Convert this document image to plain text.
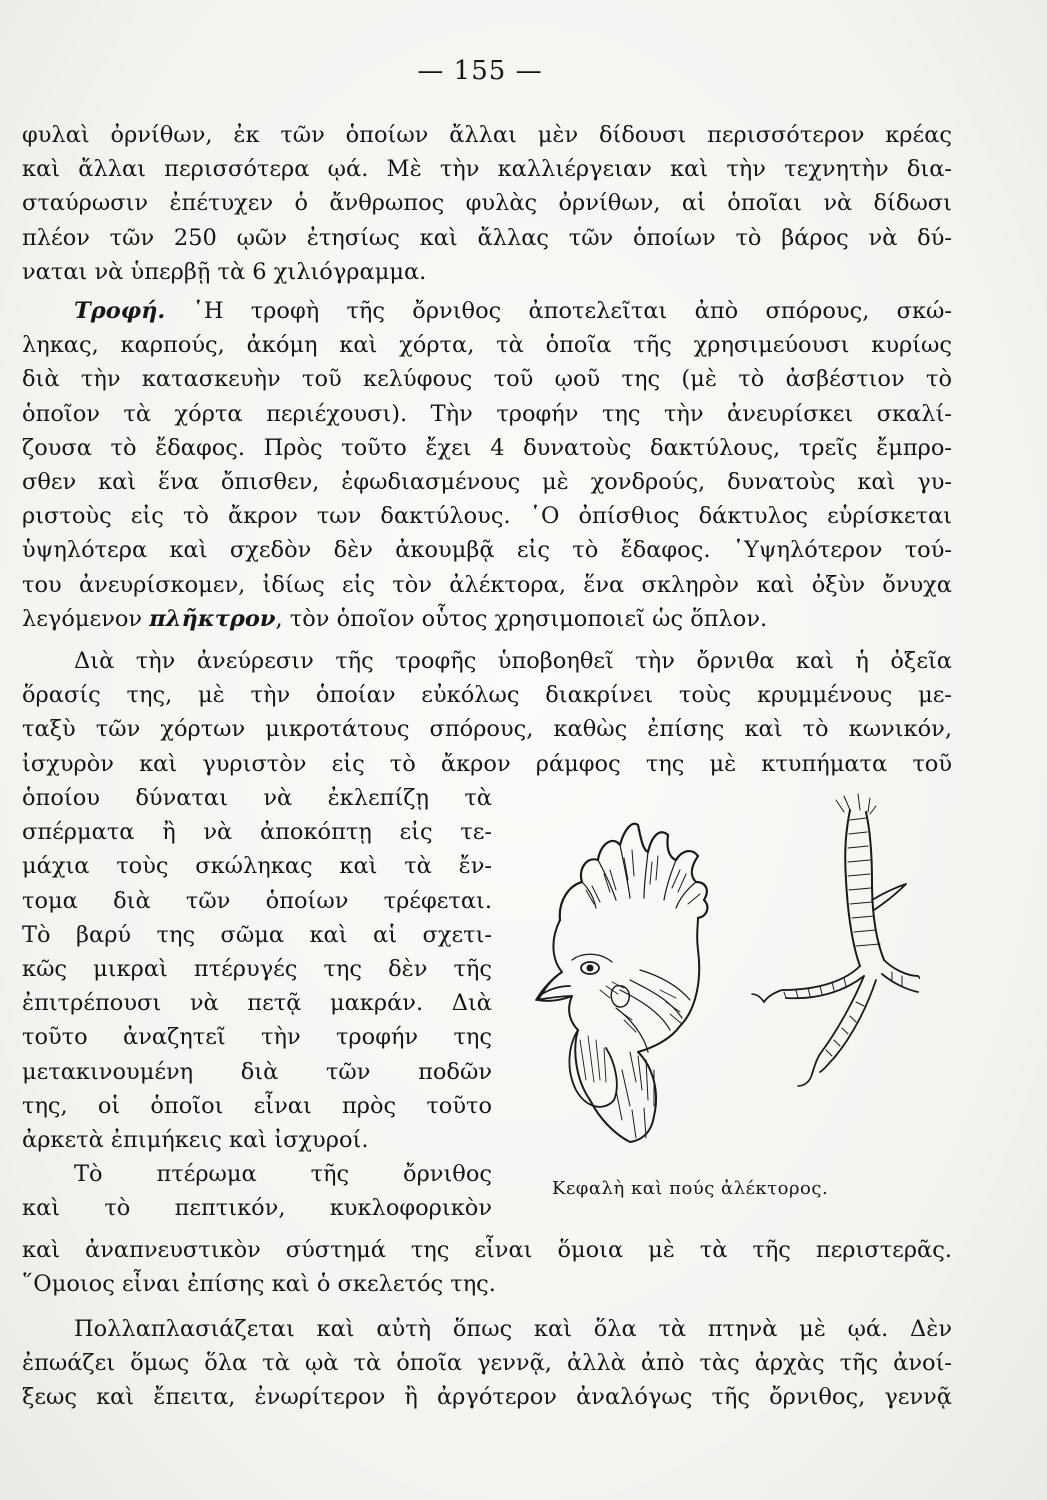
— 155 —
φυλαὶ ὀρνίθων, ἐκ τῶν ὁποίων ἄλλαι μὲν δίδουσι περισσότερον κρέας
καὶ ἄλλαι περισσότερα ῳά. Μὲ τὴν καλλιέργειαν καὶ τὴν τεχνητὴν δια-
σταύρωσιν ἐπέτυχεν ὁ ἄνθρωπος φυλὰς ὀρνίθων, αἱ ὁποῖαι νὰ δίδωσι
πλέον τῶν 250 ῳῶν ἐτησίως καὶ ἄλλας τῶν ὁποίων τὸ βάρος νὰ δύ-
ναται νὰ ὑπερβῇ τὰ 6 χιλιόγραμμα.
Τροφή. ῾Η τροφὴ τῆς ὄρνιθος ἀποτελεῖται ἀπὸ σπόρους, σκώ-
ληκας, καρπούς, ἀκόμη καὶ χόρτα, τὰ ὁποῖα τῆς χρησιμεύουσι κυρίως
διὰ τὴν κατασκευὴν τοῦ κελύφους τοῦ ῳοῦ της (μὲ τὸ ἀσβέστιον τὸ
ὁποῖον τὰ χόρτα περιέχουσι). Τὴν τροφήν της τὴν ἀνευρίσκει σκαλί-
ζουσα τὸ ἔδαφος. Πρὸς τοῦτο ἔχει 4 δυνατοὺς δακτύλους, τρεῖς ἔμπρο-
σθεν καὶ ἕνα ὄπισθεν, ἐφωδιασμένους μὲ χονδρούς, δυνατοὺς καὶ γυ-
ριστοὺς εἰς τὸ ἄκρον των δακτύλους. ῾Ο ὀπίσθιος δάκτυλος εὑρίσκεται
ὑψηλότερα καὶ σχεδὸν δὲν ἀκουμβᾷ εἰς τὸ ἔδαφος. ῾Υψηλότερον τού-
του ἀνευρίσκομεν, ἰδίως εἰς τὸν ἀλέκτορα, ἕνα σκληρὸν καὶ ὀξὺν ὄνυχα
λεγόμενον πλῆκτρον, τὸν ὁποῖον οὗτος χρησιμοποιεῖ ὡς ὅπλον.
Διὰ τὴν ἀνεύρεσιν τῆς τροφῆς ὑποβοηθεῖ τὴν ὄρνιθα καὶ ἡ ὀξεῖα
ὅρασίς της, μὲ τὴν ὁποίαν εὐκόλως διακρίνει τοὺς κρυμμένους με-
ταξὺ τῶν χόρτων μικροτάτους σπόρους, καθὼς ἐπίσης καὶ τὸ κωνικόν,
ἰσχυρὸν καὶ γυριστὸν εἰς τὸ ἄκρον ράμφος της μὲ κτυπήματα τοῦ
ὁποίου δύναται νὰ ἐκλεπίζῃ τὰ
σπέρματα ἢ νὰ ἀποκόπτῃ εἰς τε-
μάχια τοὺς σκώληκας καὶ τὰ ἔν-
τομα διὰ τῶν ὁποίων τρέφεται.
Τὸ βαρύ της σῶμα καὶ αἱ σχετι-
κῶς μικραὶ πτέρυγές της δὲν τῆς
ἐπιτρέπουσι νὰ πετᾷ μακράν. Διὰ
τοῦτο ἀναζητεῖ τὴν τροφήν της
μετακινουμένη διὰ τῶν ποδῶν
της, οἱ ὁποῖοι εἶναι πρὸς τοῦτο
ἀρκετὰ ἐπιμήκεις καὶ ἰσχυροί.
Τὸ πτέρωμα τῆς ὄρνιθος
καὶ τὸ πεπτικόν, κυκλοφορικὸν
Κεφαλὴ καὶ πούς ἀλέκτορος.
καὶ ἀναπνευστικὸν σύστημά της εἶναι ὅμοια μὲ τὰ τῆς περιστερᾶς.
῞Ομοιος εἶναι ἐπίσης καὶ ὁ σκελετός της.
Πολλαπλασιάζεται καὶ αὐτὴ ὅπως καὶ ὅλα τὰ πτηνὰ μὲ ῳά. Δὲν
ἐπωάζει ὅμως ὅλα τὰ ῳὰ τὰ ὁποῖα γεννᾷ, ἀλλὰ ἀπὸ τὰς ἀρχὰς τῆς ἀνοί-
ξεως καὶ ἔπειτα, ἐνωρίτερον ἢ ἀργότερον ἀναλόγως τῆς ὄρνιθος, γεννᾷ
